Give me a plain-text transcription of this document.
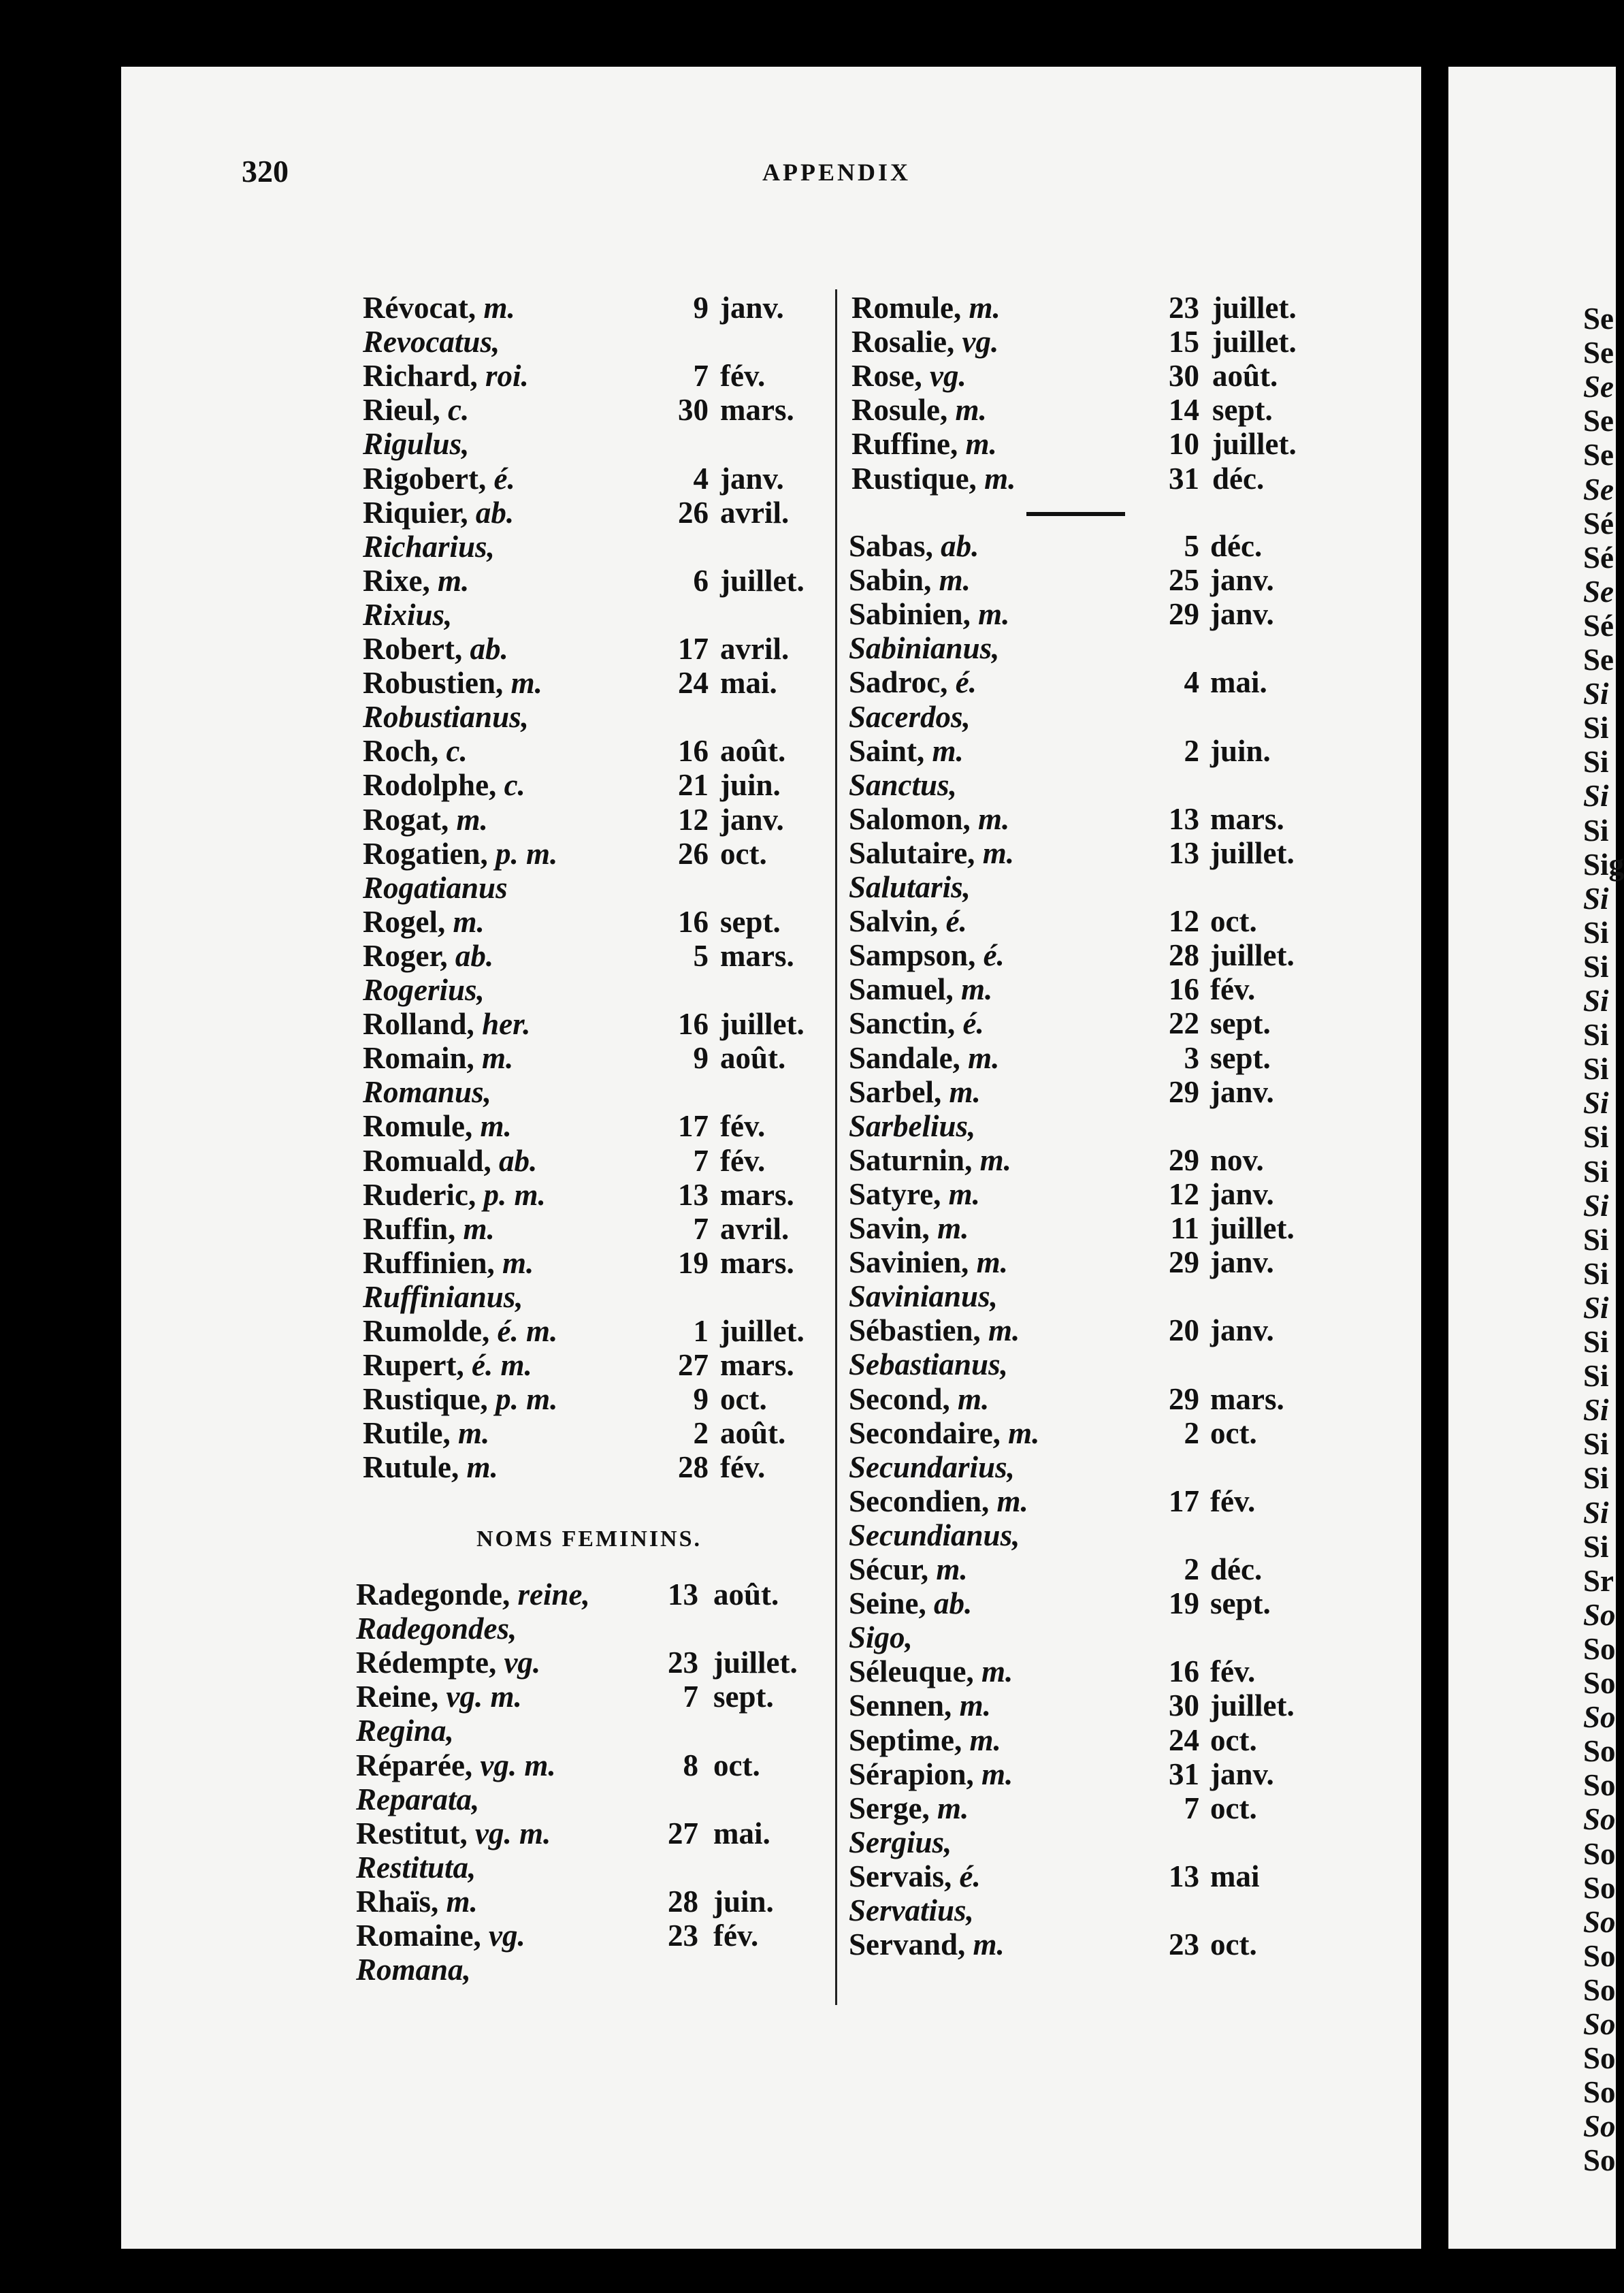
320	APPENDIX
NOMS FEMININS.
Révocat, m.	9 janv.
Revocatus,
Richard, roi.	7 fév.
Rieul, c.	30 mars.
Rigulus,
Rigobert, é.	4 janv.
Riquier, ab.	26 avril.
Richarius,
Rixe, m.	6 juillet.
Rixius,
Robert, ab.	17 avril.
Robustien, m.	24 mai.
Robustianus,
Roch, c.	16 août.
Rodolphe, c.	21 juin.
Rogat, m.	12 janv.
Rogatien, p. m.	26 oct.
Rogatianus
Rogel, m.	16 sept.
Roger, ab.	5 mars.
Rogerius,
Rolland, her.	16 juillet.
Romain, m.	9 août.
Romanus,
Romule, m.	17 fév.
Romuald, ab.	7 fév.
Ruderic, p. m.	13 mars.
Ruffin, m.	7 avril.
Ruffinien, m.	19 mars.
Ruffinianus,
Rumolde, é. m.	1 juillet.
Rupert, é. m.	27 mars.
Rustique, p. m.	9 oct.
Rutile, m.	2 août.
Rutule, m.	28 fév.
Radegonde, reine,	13 août.
Radegondes,
Rédempte, vg.	23 juillet.
Reine, vg. m.	7 sept.
Regina,
Réparée, vg. m.	8 oct.
Reparata,
Restitut, vg. m.	27 mai.
Restituta,
Rhaïs, m.	28 juin.
Romaine, vg.	23 fév.
Romana,
Romule, m.	23 juillet.
Rosalie, vg.	15 juillet.
Rose, vg.	30 août.
Rosule, m.	14 sept.
Ruffine, m.	10 juillet.
Rustique, m.	31 déc.
Sabas, ab.	5 déc.
Sabin, m.	25 janv.
Sabinien, m.	29 janv.
Sabinianus,
Sadroc, é.	4 mai.
Sacerdos,
Saint, m.	2 juin.
Sanctus,
Salomon, m.	13 mars.
Salutaire, m.	13 juillet.
Salutaris,
Salvin, é.	12 oct.
Sampson, é.	28 juillet.
Samuel, m.	16 fév.
Sanctin, é.	22 sept.
Sandale, m.	3 sept.
Sarbel, m.	29 janv.
Sarbelius,
Saturnin, m.	29 nov.
Satyre, m.	12 janv.
Savin, m.	11 juillet.
Savinien, m.	29 janv.
Savinianus,
Sébastien, m.	20 janv.
Sebastianus,
Second, m.	29 mars.
Secondaire, m.	2 oct.
Secundarius,
Secondien, m.	17 fév.
Secundianus,
Sécur, m.	2 déc.
Seine, ab.	19 sept.
Sigo,
Séleuque, m.	16 fév.
Sennen, m.	30 juillet.
Septime, m.	24 oct.
Sérapion, m.	31 janv.
Serge, m.	7 oct.
Sergius,
Servais, é.	13 mai
Servatius,
Servand, m.	23 oct.
Se
Se
Se
Se
Se
Se
Sé
Sé
Se
Sé
Se
Si
Si
Si
Si
Si
Sig
Si
Si
Si
Si
Si
Si
Si
Si
Si
Si
Si
Si
Si
Si
Si
Si
Si
Si
Si
Si
Sr
So
So
So
So
So
So
So
So
So
So
So
So
So
So
So
So
So
